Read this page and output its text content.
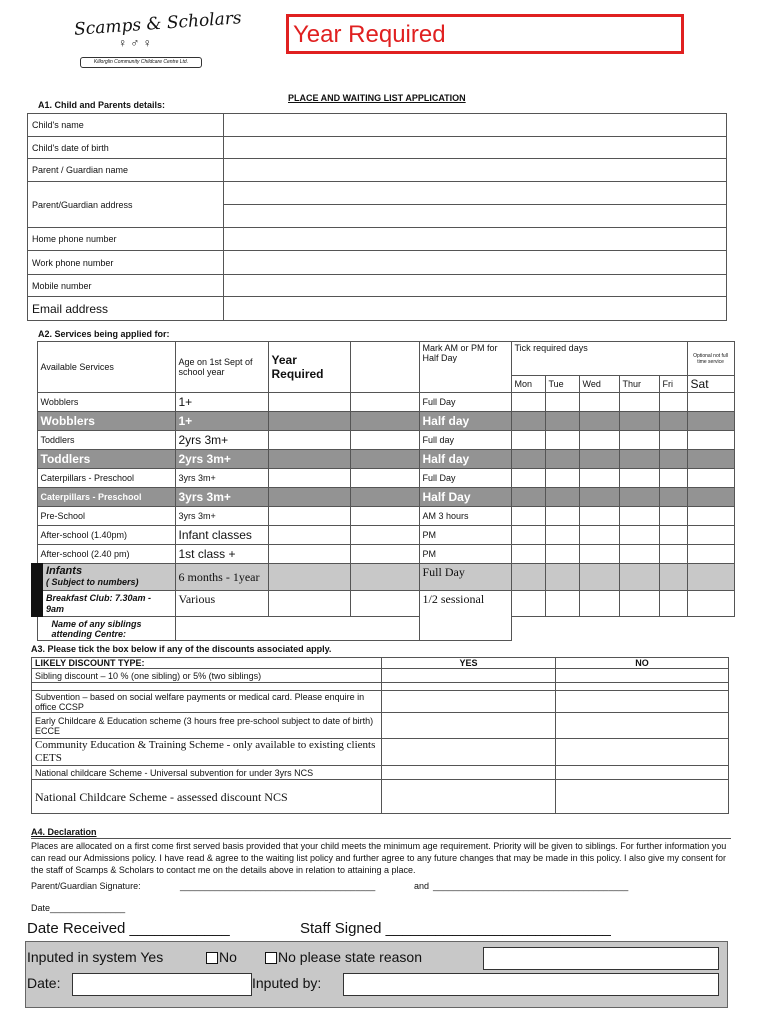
Scamps & Scholars
♀ ♂ ♀
Killorglin Community Childcare Centre Ltd.
Year Required
PLACE AND WAITING LIST APPLICATION
A1. Child and Parents details:
Child's name	
Child's date of birth	
Parent / Guardian name	
Parent/Guardian address	

Home phone number	
Work phone number	
Mobile number	
Email address	
A2. Services being applied for:
Available Services	Age on 1st Sept of school year	Year Required		Mark AM or PM for Half Day	Tick required days					Optional not full time service
					Mon	Tue	Wed	Thur	Fri	Sat
Wobblers	1+			Full Day						
Wobblers	1+			Half day						
Toddlers	2yrs 3m+			Full day						
Toddlers	2yrs 3m+			Half day						
Caterpillars - Preschool	3yrs 3m+			Full Day						
Caterpillars - Preschool	3yrs 3m+			Half Day						
Pre-School	3yrs 3m+			AM 3 hours						
After-school (1.40pm)	Infant classes			PM						
After-school (2.40 pm)	1st class +			PM						
Infants
( Subject to numbers)	6 months - 1year			Full Day						
Breakfast Club: 7.30am - 9am	Various			1/2 sessional						
Name of any siblings attending Centre:										
A3. Please tick the box below if any of the discounts associated apply.
LIKELY DISCOUNT TYPE:	YES	NO
Sibling discount – 10 % (one sibling) or 5% (two siblings)		

Subvention – based on social welfare payments or medical card. Please enquire in office CCSP		
Early Childcare & Education scheme (3 hours free pre-school subject to date of birth) ECCE		
Community Education & Training Scheme - only available to existing clients CETS		
National childcare Scheme - Universal subvention for under 3yrs NCS		
National Childcare Scheme - assessed discount NCS		
A4. Declaration
Places are allocated on a first come first served basis provided that your child meets the minimum age requirement. Priority will be given to siblings. For further information you can read our Admissions policy. I have read & agree to the waiting list policy and further agree to any future changes that may be made in this policy. I also give my consent for the staff of Scamps & Scholars to contact me on the details above in relation to attaining a place.
Parent/Guardian Signature:	_______________________________________	and _______________________________________
Date_______________
Date Received ____________	Staff Signed ___________________________
Inputed in system Yes	No	No please state reason
Date:	Inputed by:
